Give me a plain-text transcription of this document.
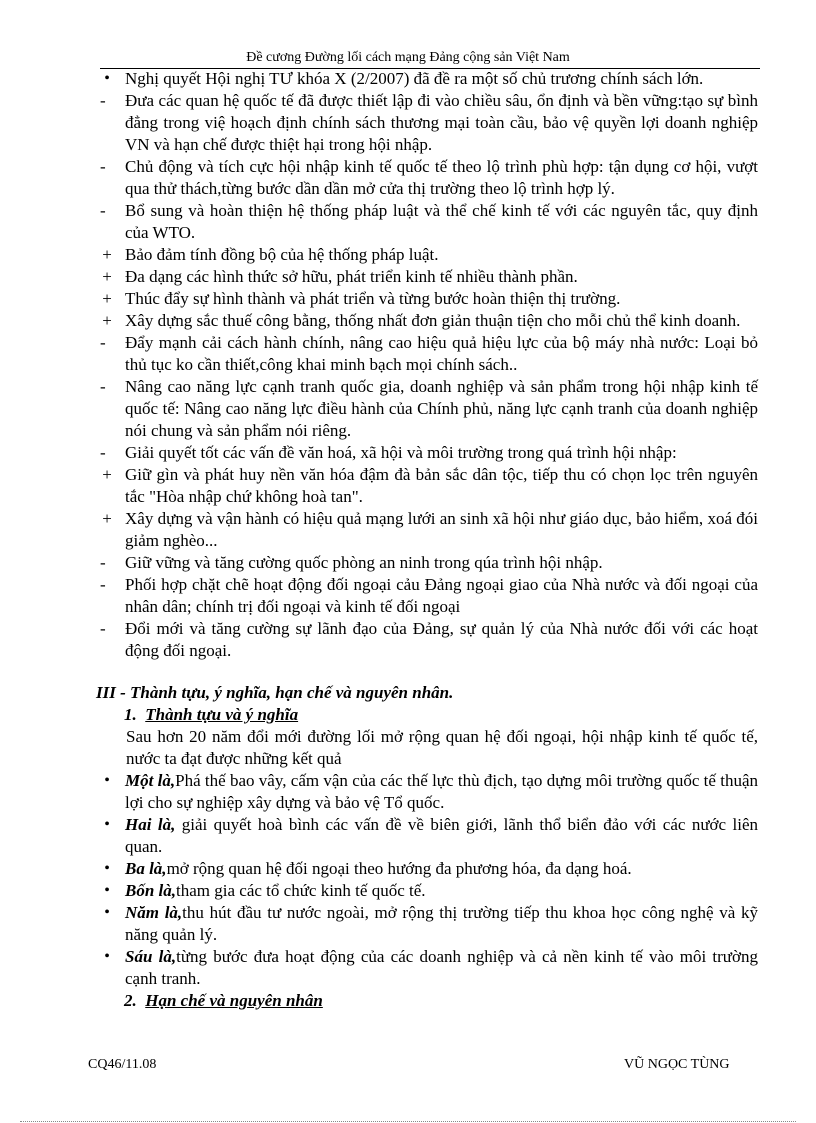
Đề cương Đường lối cách mạng Đảng cộng sản Việt Nam
• Nghị quyết Hội nghị TƯ khóa X (2/2007) đã đề ra một số chủ trương chính sách lớn.
-	Đưa các quan hệ quốc tế đã được thiết lập đi vào chiều sâu, ổn định và bền vững:tạo sự bình đẳng trong việ hoạch định chính sách thương mại toàn cầu, bảo vệ quyền lợi doanh nghiệp VN và hạn chế được thiệt hại trong hội nhập.
-	Chủ động và tích cực hội nhập kinh tế quốc tế theo lộ trình phù hợp: tận dụng cơ hội, vượt qua thử thách,từng bước dần dần mở cửa thị trường theo lộ trình hợp lý.
-	Bổ sung và hoàn thiện hệ thống pháp luật và thể chế kinh tế với các nguyên tắc, quy định của WTO.
+ Bảo đảm tính đồng bộ của hệ thống pháp luật.
+ Đa dạng các hình thức sở hữu, phát triển kinh tế nhiều thành phần.
+ Thúc đẩy sự hình thành và phát triển và từng bước hoàn thiện thị trường.
+ Xây dựng sắc thuế công bằng, thống nhất đơn giản thuận tiện cho mỗi chủ thể kinh doanh.
-	Đẩy mạnh cải cách hành chính, nâng cao hiệu quả hiệu lực của bộ máy nhà nước: Loại bỏ thủ tục ko cần thiết,công khai minh bạch mọi chính sách..
-	Nâng cao năng lực cạnh tranh quốc gia, doanh nghiệp và sản phẩm trong hội nhập kinh tế quốc tế: Nâng cao năng lực điều hành của Chính phủ, năng lực cạnh tranh của doanh nghiệp nói chung và sản phẩm nói riêng.
-	Giải quyết tốt các vấn đề văn hoá, xã hội và môi trường trong quá trình hội nhập:
+ Giữ gìn và phát huy nền văn hóa đậm đà bản sắc dân tộc, tiếp thu có chọn lọc trên nguyên tắc "Hòa nhập chứ không hoà tan".
+ Xây dựng và vận hành có hiệu quả mạng lưới an sinh xã hội như giáo dục, bảo hiểm, xoá đói giảm nghèo...
-	Giữ vững và tăng cường quốc phòng an ninh trong qúa trình hội nhập.
-	Phối hợp chặt chẽ hoạt động đối ngoại cảu Đảng ngoại giao của Nhà nước và đối ngoại của nhân dân; chính trị đối ngoại và kinh tế đối ngoại
-	Đổi mới và tăng cường sự lãnh đạo của Đảng, sự quản lý của Nhà nước đối với các hoạt động đối ngoại.
III - Thành tựu, ý nghĩa, hạn chế và nguyên nhân.
1. Thành tựu và ý nghĩa
Sau hơn 20 năm đổi mới đường lối mở rộng quan hệ đối ngoại, hội nhập kinh tế quốc tế, nước ta đạt được những kết quả
• Một là,Phá thế bao vây, cấm vận của các thế lực thù địch, tạo dựng môi trường quốc tế thuận lợi cho sự nghiệp xây dựng và bảo vệ Tổ quốc.
• Hai là, giải quyết hoà bình các vấn đề về biên giới, lãnh thổ biển đảo với các nước liên quan.
• Ba là,mở rộng quan hệ đối ngoại theo hướng đa phương hóa, đa dạng hoá.
• Bốn là,tham gia các tổ chức kinh tế quốc tế.
• Năm là,thu hút đầu tư nước ngoài, mở rộng thị trường tiếp thu khoa học công nghệ và kỹ năng quản lý.
• Sáu là,từng bước đưa hoạt động của các doanh nghiệp và cả nền kinh tế vào môi trường cạnh tranh.
2. Hạn chế và nguyên nhân
CQ46/11.08	VŨ NGỌC TÙNG
